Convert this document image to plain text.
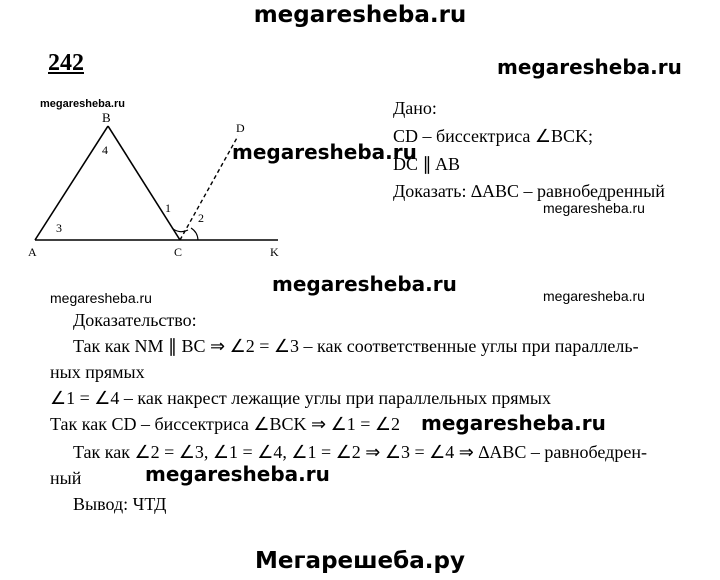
megaresheba.ru
242	megaresheba.ru
B
A	C	K
D
4
3
1
2
megaresheba.ru
megaresheba.ru
Дано:
CD – биссектриса ∠BCK;
DC ∥ AB
Доказать: ∆ABC – равнобедренный
megaresheba.ru
megaresheba.ru
megaresheba.ru	megaresheba.ru
Доказательство:
Так как NM ∥ BC ⇒ ∠2 = ∠3 – как соответственные углы при параллель-
ных прямых
∠1 = ∠4 – как накрест лежащие углы при параллельных прямых
Так как CD – биссектриса ∠BCK ⇒ ∠1 = ∠2 megaresheba.ru
Так как ∠2 = ∠3, ∠1 = ∠4, ∠1 = ∠2 ⇒ ∠3 = ∠4 ⇒ ∆ABC – равнобедрен-
ный	megaresheba.ru
Вывод: ЧТД
Мегарешеба.ру
